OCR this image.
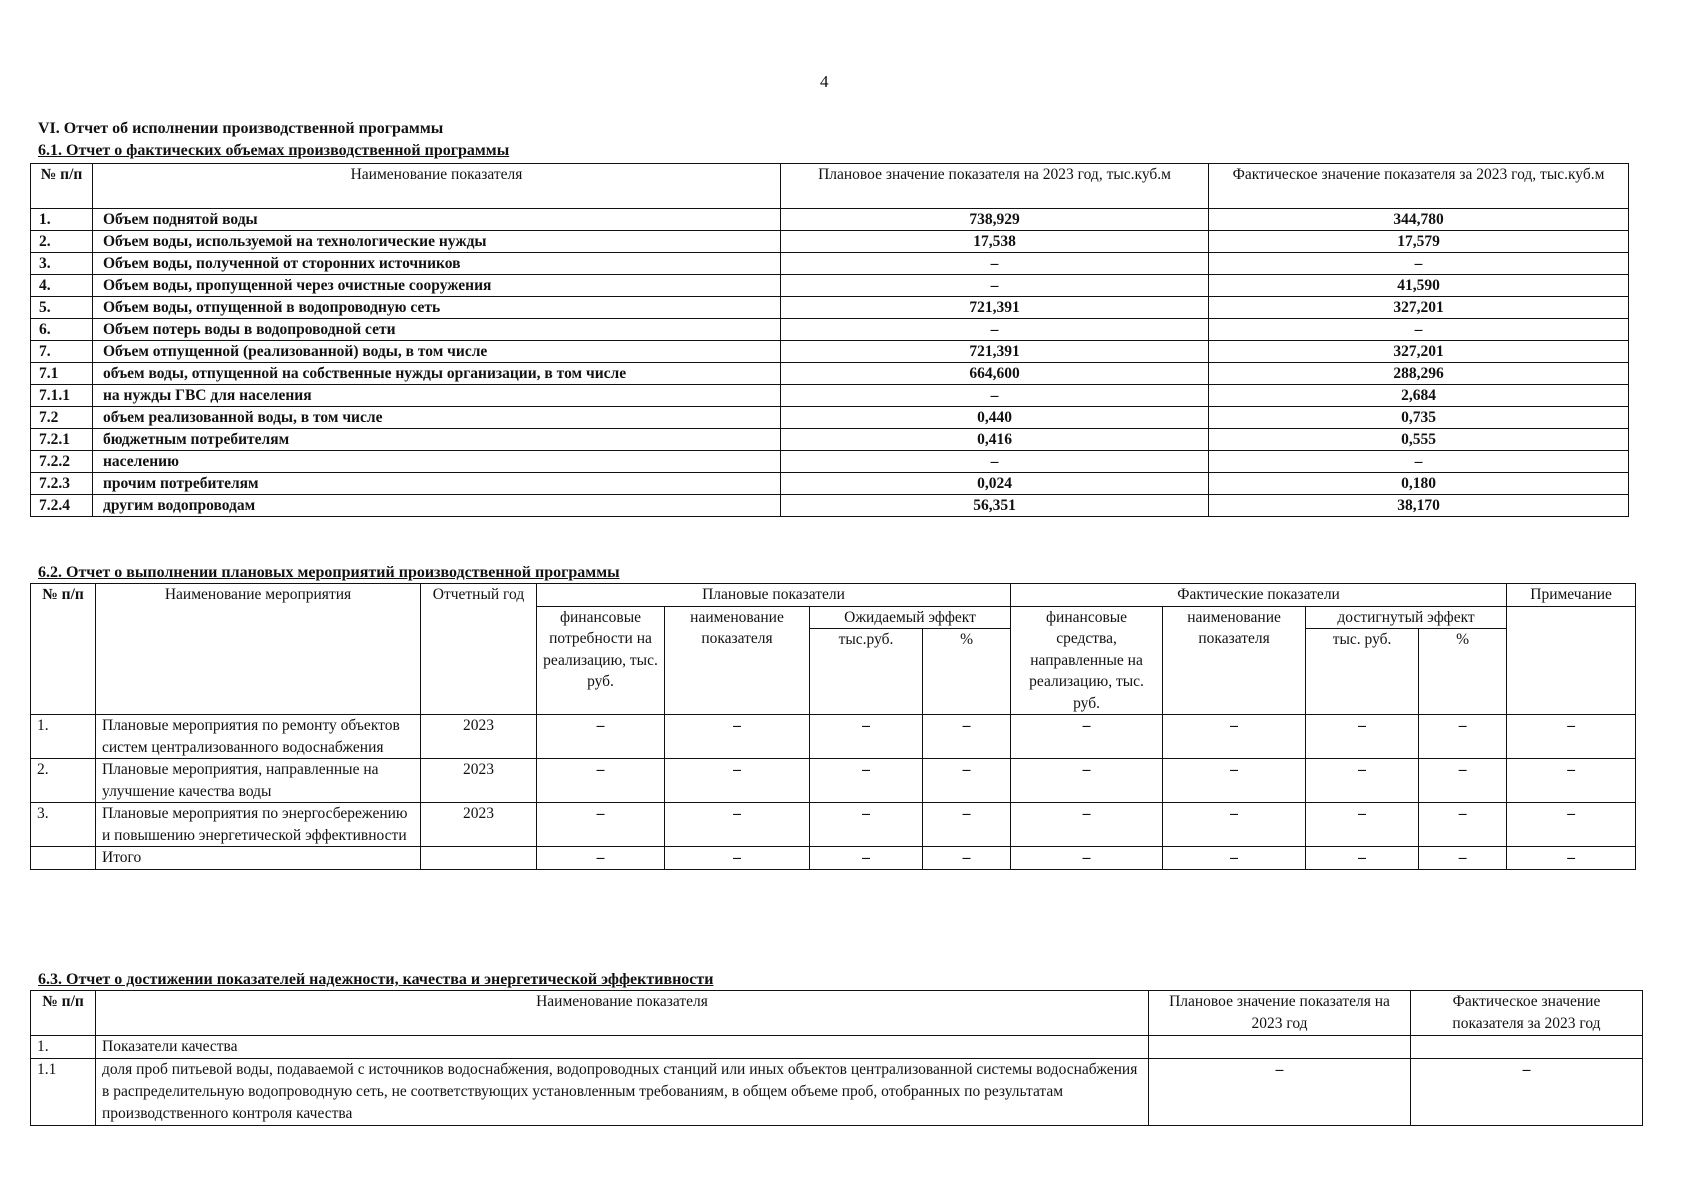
4
VI. Отчет об исполнении производственной программы
6.1. Отчет о фактических объемах производственной программы
№ п/п	Наименование показателя	Плановое значение показателя на 2023 год, тыс.куб.м	Фактическое значение показателя за 2023 год, тыс.куб.м
1.	Объем поднятой воды	738,929	344,780
2.	Объем воды, используемой на технологические нужды	17,538	17,579
3.	Объем воды, полученной от сторонних источников	–	–
4.	Объем воды, пропущенной через очистные сооружения	–	41,590
5.	Объем воды, отпущенной в водопроводную сеть	721,391	327,201
6.	Объем потерь воды в водопроводной сети	–	–
7.	Объем отпущенной (реализованной) воды, в том числе	721,391	327,201
7.1	объем воды, отпущенной на собственные нужды организации, в том числе	664,600	288,296
7.1.1	на нужды ГВС для населения	–	2,684
7.2	объем реализованной воды, в том числе	0,440	0,735
7.2.1	бюджетным потребителям	0,416	0,555
7.2.2	населению	–	–
7.2.3	прочим потребителям	0,024	0,180
7.2.4	другим водопроводам	56,351	38,170
6.2. Отчет о выполнении плановых мероприятий производственной программы
№ п/п	Наименование мероприятия	Отчетный год	Плановые показатели				Фактические показатели				Примечание
			финансовые потребности на реализацию, тыс. руб.	наименование показателя	Ожидаемый эффект		финансовые средства, направленные на реализацию, тыс. руб.	наименование показателя	достигнутый эффект		
					тыс.руб.	%			тыс. руб.	%	
1.	Плановые мероприятия по ремонту объектов систем централизованного водоснабжения	2023	–	–	–	–	–	–	–	–	–
2.	Плановые мероприятия, направленные на улучшение качества воды	2023	–	–	–	–	–	–	–	–	–
3.	Плановые мероприятия по энергосбережению и повышению энергетической эффективности	2023	–	–	–	–	–	–	–	–	–
	Итого		–	–	–	–	–	–	–	–	–
6.3. Отчет о достижении показателей надежности, качества и энергетической эффективности
№ п/п	Наименование показателя	Плановое значение показателя на 2023 год	Фактическое значение показателя за 2023 год
1.	Показатели качества		
1.1	доля проб питьевой воды, подаваемой с источников водоснабжения, водопроводных станций или иных объектов централизованной системы водоснабжения в распределительную водопроводную сеть, не соответствующих установленным требованиям, в общем объеме проб, отобранных по результатам производственного контроля качества	–	–
